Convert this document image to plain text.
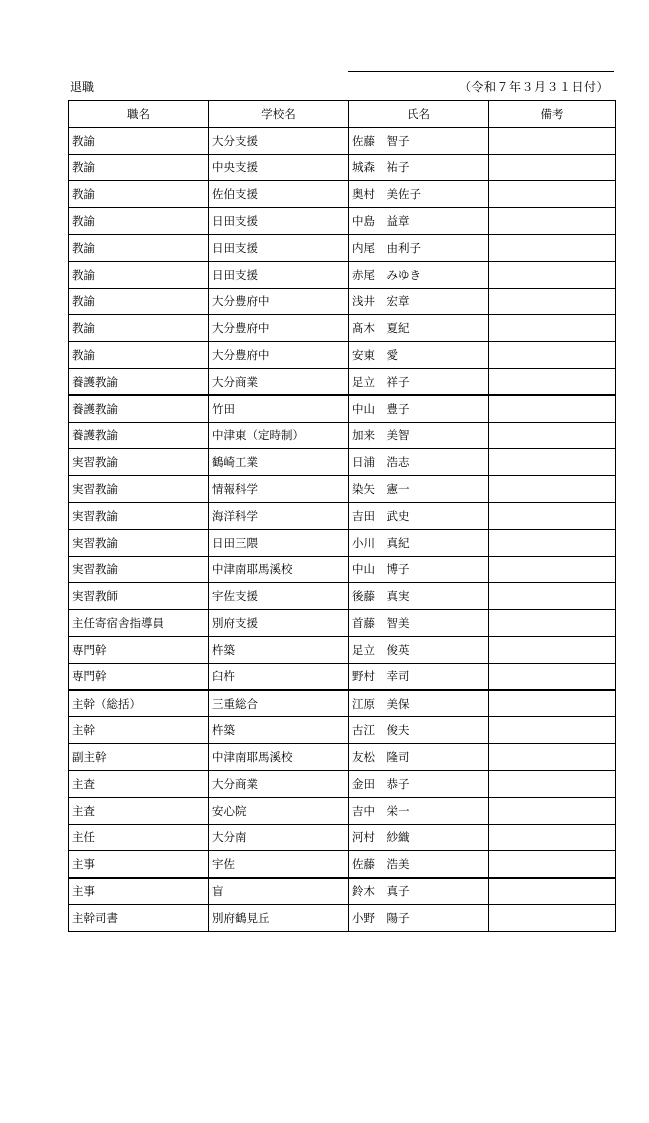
退職	（令和７年３月３１日付）
職名	学校名	氏名	備考
教諭	大分支援	佐藤　智子	
教諭	中央支援	城森　祐子	
教諭	佐伯支援	奥村　美佐子	
教諭	日田支援	中島　益章	
教諭	日田支援	内尾　由利子	
教諭	日田支援	赤尾　みゆき	
教諭	大分豊府中	浅井　宏章	
教諭	大分豊府中	髙木　夏紀	
教諭	大分豊府中	安東　愛	
養護教諭	大分商業	足立　祥子	
養護教諭	竹田	中山　豊子	
養護教諭	中津東（定時制）	加来　美智	
実習教諭	鶴崎工業	日浦　浩志	
実習教諭	情報科学	染矢　憲一	
実習教諭	海洋科学	吉田　武史	
実習教諭	日田三隈	小川　真紀	
実習教諭	中津南耶馬溪校	中山　博子	
実習教師	宇佐支援	後藤　真実	
主任寄宿舎指導員	別府支援	首藤　智美	
専門幹	杵築	足立　俊英	
専門幹	臼杵	野村　幸司	
主幹（総括）	三重総合	江原　美保	
主幹	杵築	古江　俊夫	
副主幹	中津南耶馬溪校	友松　隆司	
主査	大分商業	金田　恭子	
主査	安心院	吉中　栄一	
主任	大分南	河村　紗織	
主事	宇佐	佐藤　浩美	
主事	盲	鈴木　真子	
主幹司書	別府鶴見丘	小野　陽子	
